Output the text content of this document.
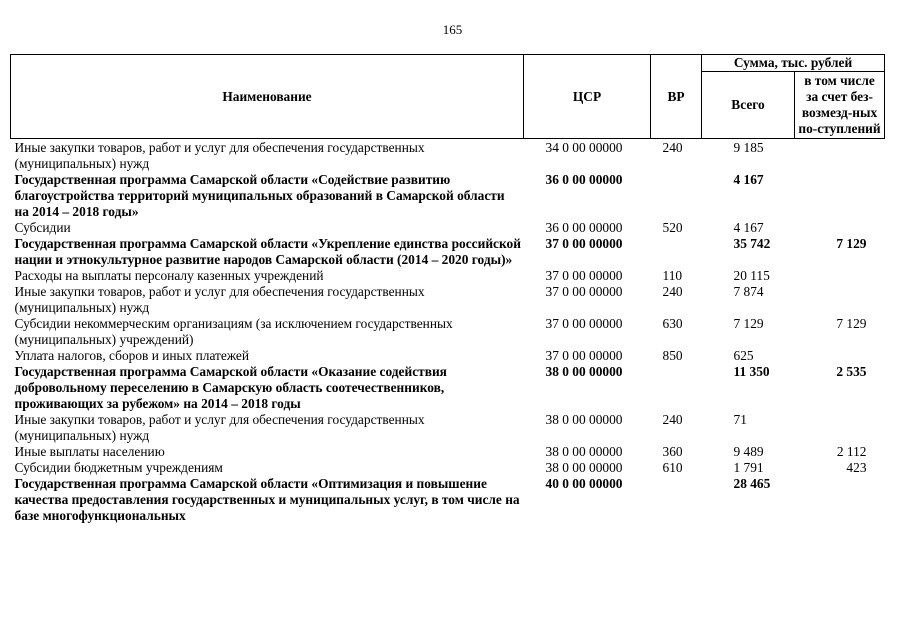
165
Наименование	ЦСР	ВР	Сумма, тыс. рублей	
			Всего	в том числе за счет без-возмезд-ных по-ступлений
Иные закупки товаров, работ и услуг для обеспечения государственных (муниципальных) нужд	34 0 00 00000	240	9 185	
Государственная программа Самарской области «Содействие развитию благоустройства территорий муниципальных образований в Самарской области на 2014 – 2018 годы»	36 0 00 00000		4 167	
Субсидии	36 0 00 00000	520	4 167	
Государственная программа Самарской области «Укрепление единства российской нации и этнокультурное развитие народов Самарской области (2014 – 2020 годы)»	37 0 00 00000		35 742	7 129
Расходы на выплаты персоналу казенных учреждений	37 0 00 00000	110	20 115	
Иные закупки товаров, работ и услуг для обеспечения государственных (муниципальных) нужд	37 0 00 00000	240	7 874	
Субсидии некоммерческим организациям (за исключением государственных (муниципальных) учреждений)	37 0 00 00000	630	7 129	7 129
Уплата налогов, сборов и иных платежей	37 0 00 00000	850	625	
Государственная программа Самарской области «Оказание содействия добровольному переселению в Самарскую область соотечественников, проживающих за рубежом» на 2014 – 2018 годы	38 0 00 00000		11 350	2 535
Иные закупки товаров, работ и услуг для обеспечения государственных (муниципальных) нужд	38 0 00 00000	240	71	
Иные выплаты населению	38 0 00 00000	360	9 489	2 112
Субсидии бюджетным учреждениям	38 0 00 00000	610	1 791	423
Государственная программа Самарской области «Оптимизация и повышение качества предоставления государственных и муниципальных услуг, в том числе на базе многофункциональных	40 0 00 00000		28 465	
